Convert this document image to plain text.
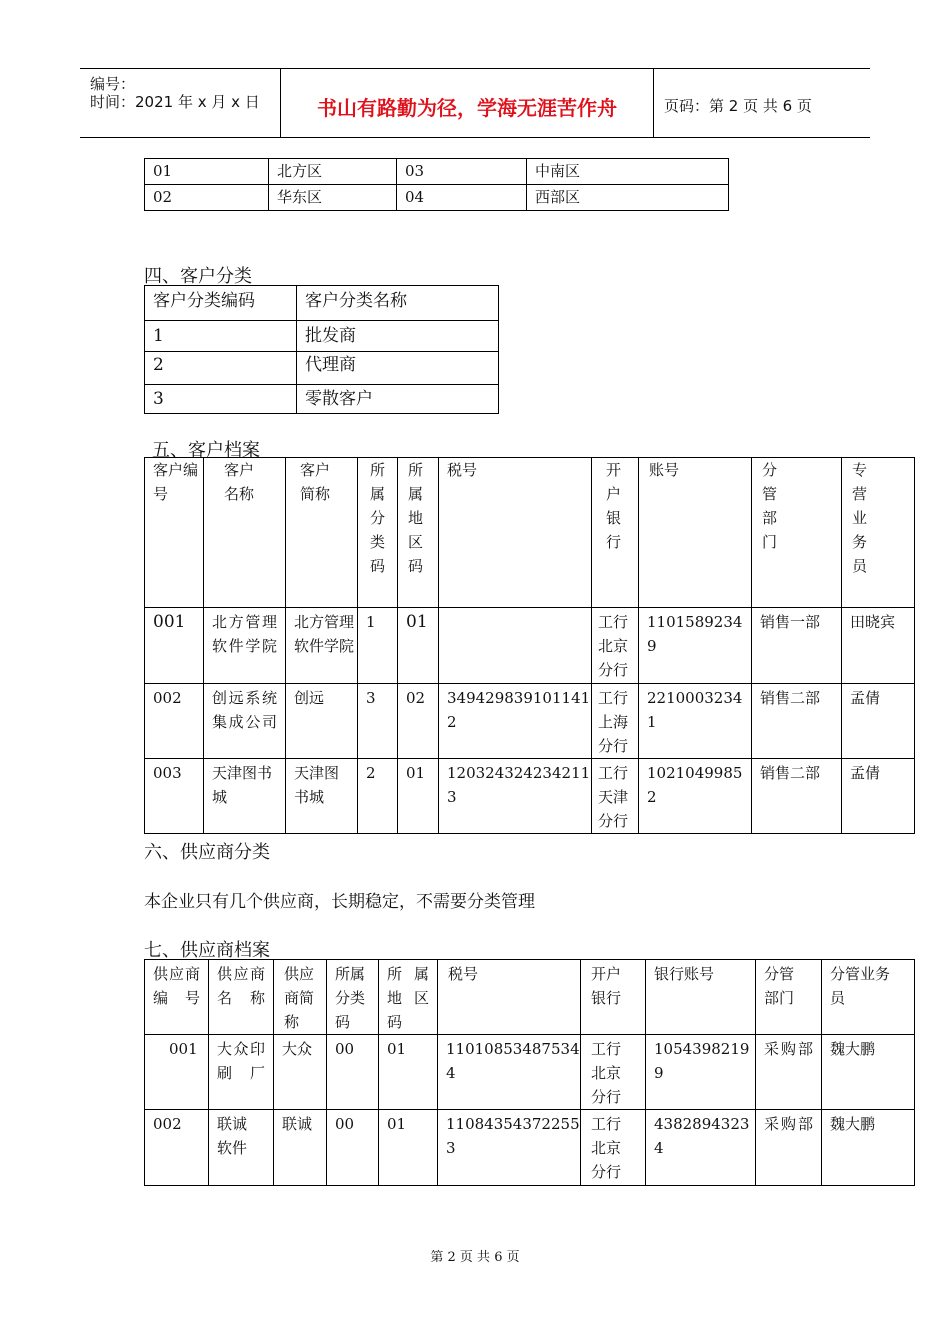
编号：
时间：2021 年 x 月 x 日	书山有路勤为径，学海无涯苦作舟	页码：第 2 页 共 6 页
01	北方区	03	中南区
02	华东区	04	西部区
四、客户分类
客户分类编码	客户分类名称
1	批发商
2	代理商
3	零散客户
五、客户档案
客户编号	客户名称	客户简称	所属分类码	所属地区码	税号	开户银行	账号	分管部门	专营业务员
001	北方管理软件学院	北方管理软件学院	1	01		工行北京分行	11015892349	销售一部	田晓宾
002	创远系统集成公司	创远	3	02	3494298391011412	工行上海分行	22100032341	销售二部	孟倩
003	天津图书城	天津图书城	2	01	1203243242342113	工行天津分行	10210499852	销售二部	孟倩
六、供应商分类
本企业只有几个供应商，长期稳定，不需要分类管理
七、供应商档案
供应商编号	供应商名称	供应商简称	所属分类码	所属地区码	税号	开户银行	银行账号	分管部门	分管业务员
001	大众印刷厂	大众	00	01	110108534875344	工行北京分行	10543982199	采购部	魏大鹏
002	联诚软件	联诚	00	01	110843543722553	工行北京分行	43828943234	采购部	魏大鹏
第 2 页 共 6 页
